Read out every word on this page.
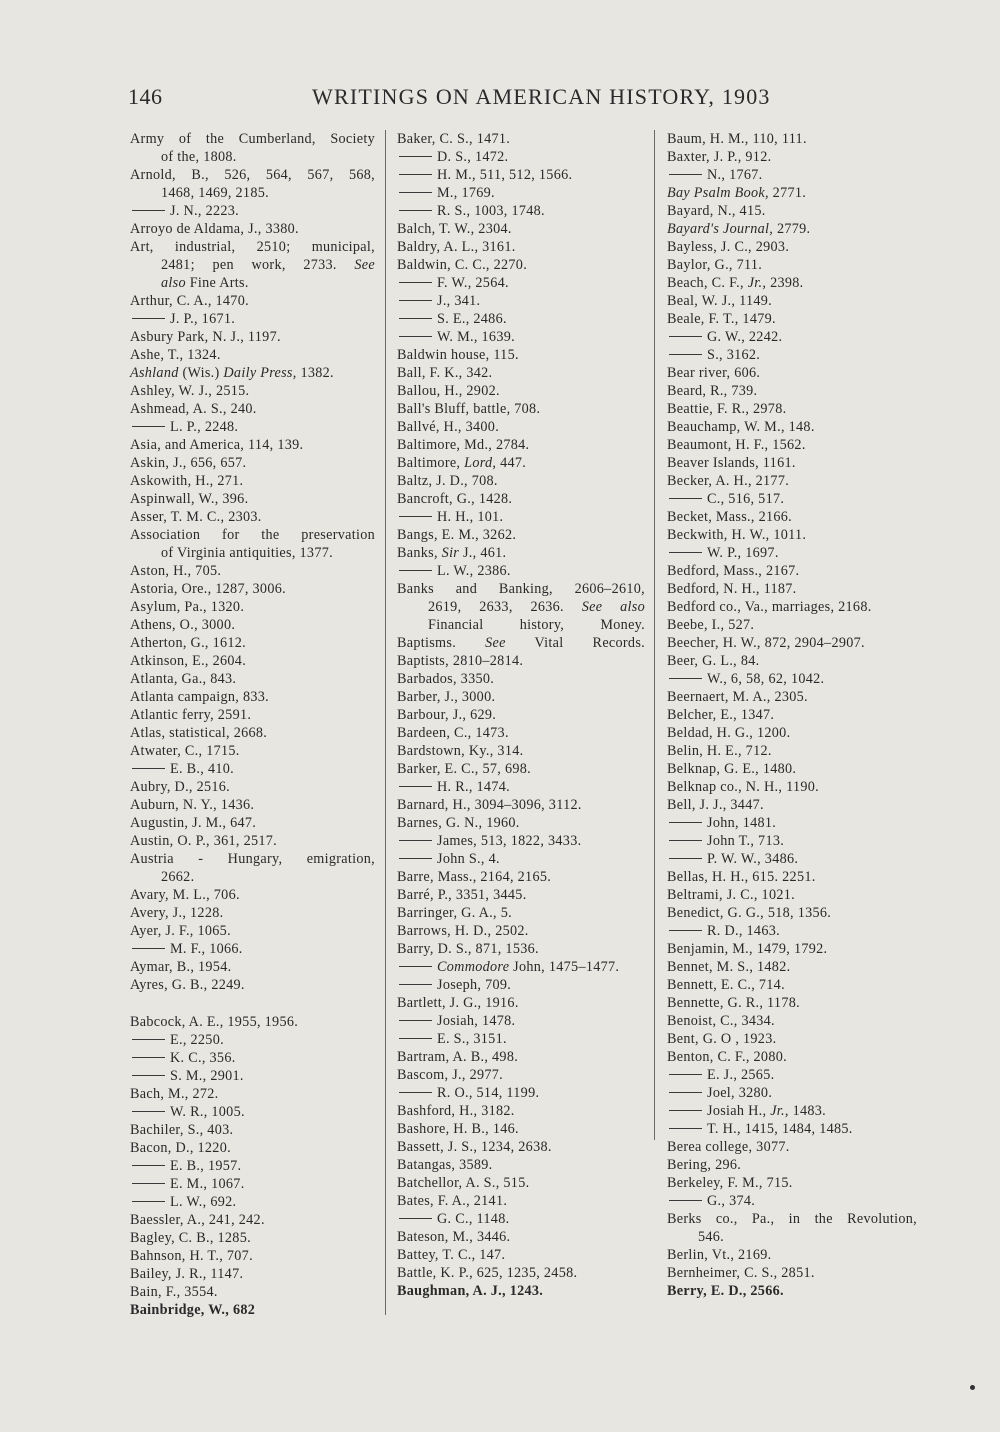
146	WRITINGS ON AMERICAN HISTORY, 1903
Army of the Cumberland, Society
of the, 1808.
Arnold, B., 526, 564, 567, 568,
1468, 1469, 2185.
J. N., 2223.
Arroyo de Aldama, J., 3380.
Art, industrial, 2510; municipal,
2481; pen work, 2733. See
also Fine Arts.
Arthur, C. A., 1470.
J. P., 1671.
Asbury Park, N. J., 1197.
Ashe, T., 1324.
Ashland (Wis.) Daily Press, 1382.
Ashley, W. J., 2515.
Ashmead, A. S., 240.
L. P., 2248.
Asia, and America, 114, 139.
Askin, J., 656, 657.
Askowith, H., 271.
Aspinwall, W., 396.
Asser, T. M. C., 2303.
Association for the preservation
of Virginia antiquities, 1377.
Aston, H., 705.
Astoria, Ore., 1287, 3006.
Asylum, Pa., 1320.
Athens, O., 3000.
Atherton, G., 1612.
Atkinson, E., 2604.
Atlanta, Ga., 843.
Atlanta campaign, 833.
Atlantic ferry, 2591.
Atlas, statistical, 2668.
Atwater, C., 1715.
E. B., 410.
Aubry, D., 2516.
Auburn, N. Y., 1436.
Augustin, J. M., 647.
Austin, O. P., 361, 2517.
Austria - Hungary, emigration,
2662.
Avary, M. L., 706.
Avery, J., 1228.
Ayer, J. F., 1065.
M. F., 1066.
Aymar, B., 1954.
Ayres, G. B., 2249.
Babcock, A. E., 1955, 1956.
E., 2250.
K. C., 356.
S. M., 2901.
Bach, M., 272.
W. R., 1005.
Bachiler, S., 403.
Bacon, D., 1220.
E. B., 1957.
E. M., 1067.
L. W., 692.
Baessler, A., 241, 242.
Bagley, C. B., 1285.
Bahnson, H. T., 707.
Bailey, J. R., 1147.
Bain, F., 3554.
Bainbridge, W., 682
Baker, C. S., 1471.
D. S., 1472.
H. M., 511, 512, 1566.
M., 1769.
R. S., 1003, 1748.
Balch, T. W., 2304.
Baldry, A. L., 3161.
Baldwin, C. C., 2270.
F. W., 2564.
J., 341.
S. E., 2486.
W. M., 1639.
Baldwin house, 115.
Ball, F. K., 342.
Ballou, H., 2902.
Ball's Bluff, battle, 708.
Ballvé, H., 3400.
Baltimore, Md., 2784.
Baltimore, Lord, 447.
Baltz, J. D., 708.
Bancroft, G., 1428.
H. H., 101.
Bangs, E. M., 3262.
Banks, Sir J., 461.
L. W., 2386.
Banks and Banking, 2606–2610,
2619, 2633, 2636. See also
Financial history, Money.
Baptisms. See Vital Records.
Baptists, 2810–2814.
Barbados, 3350.
Barber, J., 3000.
Barbour, J., 629.
Bardeen, C., 1473.
Bardstown, Ky., 314.
Barker, E. C., 57, 698.
H. R., 1474.
Barnard, H., 3094–3096, 3112.
Barnes, G. N., 1960.
James, 513, 1822, 3433.
John S., 4.
Barre, Mass., 2164, 2165.
Barré, P., 3351, 3445.
Barringer, G. A., 5.
Barrows, H. D., 2502.
Barry, D. S., 871, 1536.
Commodore John, 1475–1477.
Joseph, 709.
Bartlett, J. G., 1916.
Josiah, 1478.
E. S., 3151.
Bartram, A. B., 498.
Bascom, J., 2977.
R. O., 514, 1199.
Bashford, H., 3182.
Bashore, H. B., 146.
Bassett, J. S., 1234, 2638.
Batangas, 3589.
Batchellor, A. S., 515.
Bates, F. A., 2141.
G. C., 1148.
Bateson, M., 3446.
Battey, T. C., 147.
Battle, K. P., 625, 1235, 2458.
Baughman, A. J., 1243.
Baum, H. M., 110, 111.
Baxter, J. P., 912.
N., 1767.
Bay Psalm Book, 2771.
Bayard, N., 415.
Bayard's Journal, 2779.
Bayless, J. C., 2903.
Baylor, G., 711.
Beach, C. F., Jr., 2398.
Beal, W. J., 1149.
Beale, F. T., 1479.
G. W., 2242.
S., 3162.
Bear river, 606.
Beard, R., 739.
Beattie, F. R., 2978.
Beauchamp, W. M., 148.
Beaumont, H. F., 1562.
Beaver Islands, 1161.
Becker, A. H., 2177.
C., 516, 517.
Becket, Mass., 2166.
Beckwith, H. W., 1011.
W. P., 1697.
Bedford, Mass., 2167.
Bedford, N. H., 1187.
Bedford co., Va., marriages, 2168.
Beebe, I., 527.
Beecher, H. W., 872, 2904–2907.
Beer, G. L., 84.
W., 6, 58, 62, 1042.
Beernaert, M. A., 2305.
Belcher, E., 1347.
Beldad, H. G., 1200.
Belin, H. E., 712.
Belknap, G. E., 1480.
Belknap co., N. H., 1190.
Bell, J. J., 3447.
John, 1481.
John T., 713.
P. W. W., 3486.
Bellas, H. H., 615. 2251.
Beltrami, J. C., 1021.
Benedict, G. G., 518, 1356.
R. D., 1463.
Benjamin, M., 1479, 1792.
Bennet, M. S., 1482.
Bennett, E. C., 714.
Bennette, G. R., 1178.
Benoist, C., 3434.
Bent, G. O , 1923.
Benton, C. F., 2080.
E. J., 2565.
Joel, 3280.
Josiah H., Jr., 1483.
T. H., 1415, 1484, 1485.
Berea college, 3077.
Bering, 296.
Berkeley, F. M., 715.
G., 374.
Berks co., Pa., in the Revolution,
546.
Berlin, Vt., 2169.
Bernheimer, C. S., 2851.
Berry, E. D., 2566.
